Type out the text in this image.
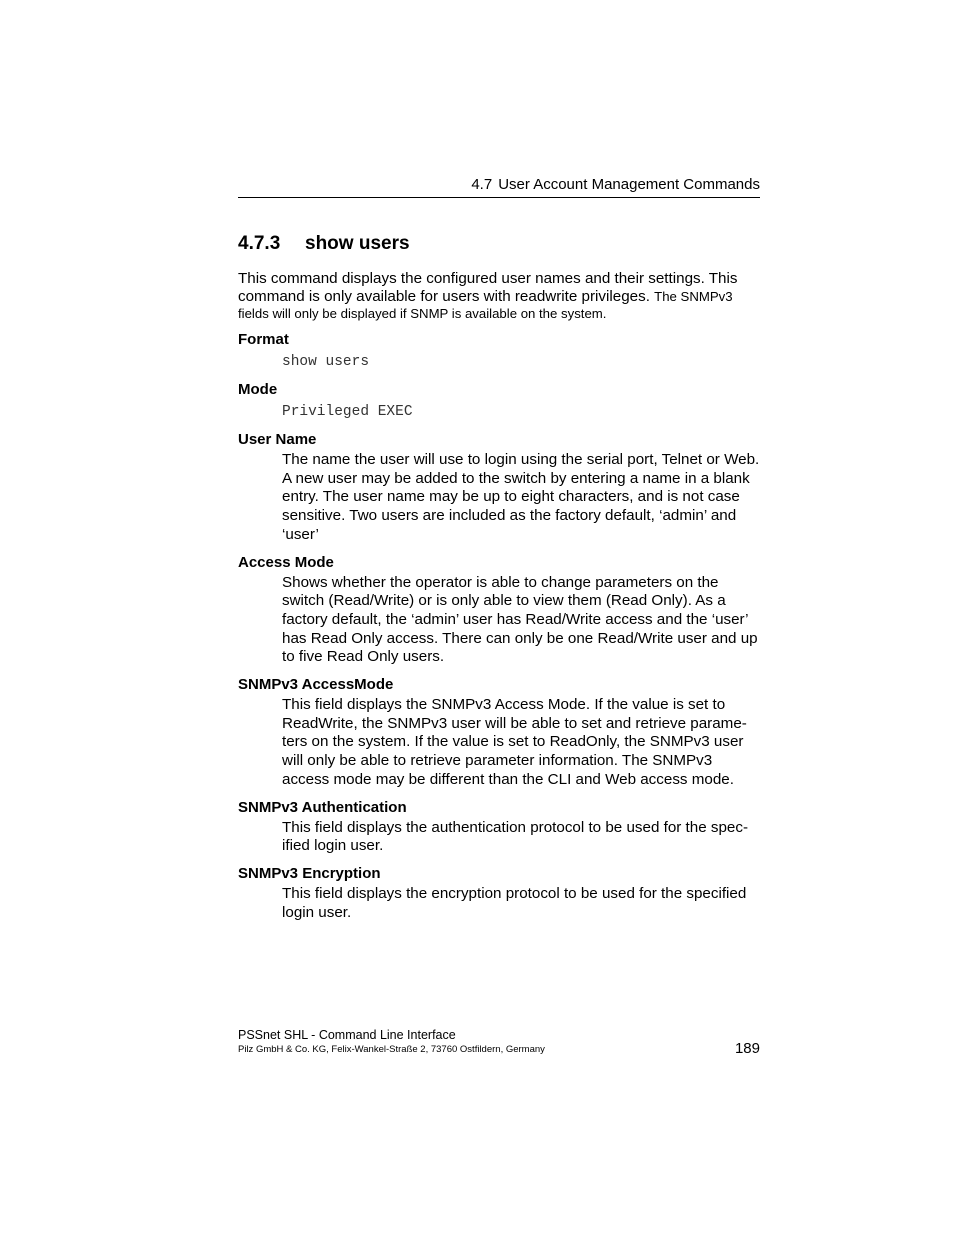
4.7 User Account Management Commands
4.7.3 show users

This command displays the configured user names and their settings. This command is only available for users with readwrite privileges. The SNMPv3 fields will only be displayed if SNMP is available on the system.

Format
show users
Mode
Privileged EXEC
User Name
The name the user will use to login using the serial port, Telnet or Web. A new user may be added to the switch by entering a name in a blank entry. The user name may be up to eight characters, and is not case sensitive. Two users are included as the factory default, ‘admin’ and ‘user’
Access Mode
Shows whether the operator is able to change parameters on the switch (Read/Write) or is only able to view them (Read Only). As a factory default, the ‘admin’ user has Read/Write access and the ‘user’ has Read Only access. There can only be one Read/Write user and up to five Read Only users.
SNMPv3 AccessMode
This field displays the SNMPv3 Access Mode. If the value is set to ReadWrite, the SNMPv3 user will be able to set and retrieve parame-ters on the system. If the value is set to ReadOnly, the SNMPv3 user will only be able to retrieve parameter information. The SNMPv3 access mode may be different than the CLI and Web access mode.
SNMPv3 Authentication
This field displays the authentication protocol to be used for the spec-ified login user.
SNMPv3 Encryption
This field displays the encryption protocol to be used for the specified login user.
PSSnet SHL - Command Line Interface
Pilz GmbH & Co. KG, Felix-Wankel-Straße 2, 73760 Ostfildern, Germany	189
